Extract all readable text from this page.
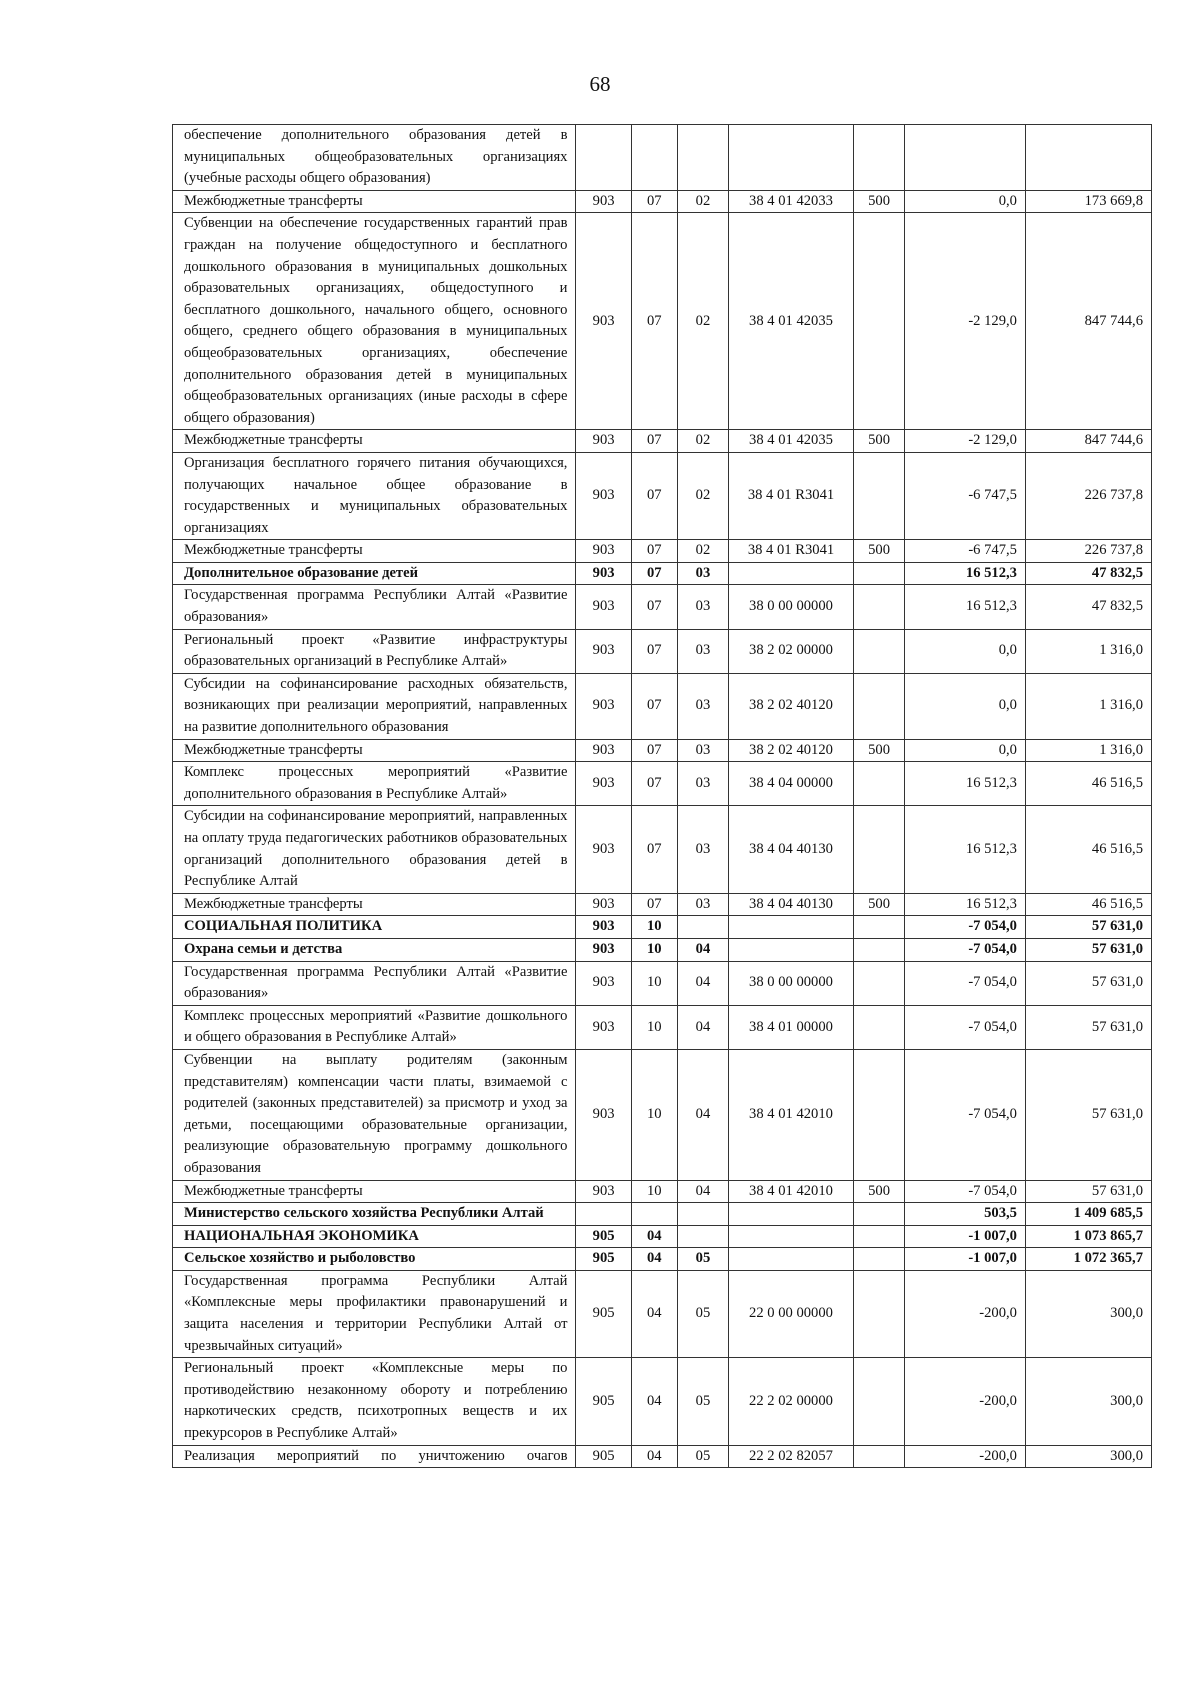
68
обеспечение дополнительного образования детей в муниципальных общеобразовательных организациях (учебные расходы общего образования)							
Межбюджетные трансферты	903	07	02	38 4 01 42033	500	0,0	173 669,8
Субвенции на обеспечение государственных гарантий прав граждан на получение общедоступного и бесплатного дошкольного образования в муниципальных дошкольных образовательных организациях, общедоступного и бесплатного дошкольного, начального общего, основного общего, среднего общего образования в муниципальных общеобразовательных организациях, обеспечение дополнительного образования детей в муниципальных общеобразовательных организациях (иные расходы в сфере общего образования)	903	07	02	38 4 01 42035		-2 129,0	847 744,6
Межбюджетные трансферты	903	07	02	38 4 01 42035	500	-2 129,0	847 744,6
Организация бесплатного горячего питания обучающихся, получающих начальное общее образование в государственных и муниципальных образовательных организациях	903	07	02	38 4 01 R3041		-6 747,5	226 737,8
Межбюджетные трансферты	903	07	02	38 4 01 R3041	500	-6 747,5	226 737,8
Дополнительное образование детей	903	07	03			16 512,3	47 832,5
Государственная программа Республики Алтай «Развитие образования»	903	07	03	38 0 00 00000		16 512,3	47 832,5
Региональный проект «Развитие инфраструктуры образовательных организаций в Республике Алтай»	903	07	03	38 2 02 00000		0,0	1 316,0
Субсидии на софинансирование расходных обязательств, возникающих при реализации мероприятий, направленных на развитие дополнительного образования	903	07	03	38 2 02 40120		0,0	1 316,0
Межбюджетные трансферты	903	07	03	38 2 02 40120	500	0,0	1 316,0
Комплекс процессных мероприятий «Развитие дополнительного образования в Республике Алтай»	903	07	03	38 4 04 00000		16 512,3	46 516,5
Субсидии на софинансирование мероприятий, направленных на оплату труда педагогических работников образовательных организаций дополнительного образования детей в Республике Алтай	903	07	03	38 4 04 40130		16 512,3	46 516,5
Межбюджетные трансферты	903	07	03	38 4 04 40130	500	16 512,3	46 516,5
СОЦИАЛЬНАЯ ПОЛИТИКА	903	10				-7 054,0	57 631,0
Охрана семьи и детства	903	10	04			-7 054,0	57 631,0
Государственная программа Республики Алтай «Развитие образования»	903	10	04	38 0 00 00000		-7 054,0	57 631,0
Комплекс процессных мероприятий «Развитие дошкольного и общего образования в Республике Алтай»	903	10	04	38 4 01 00000		-7 054,0	57 631,0
Субвенции на выплату родителям (законным представителям) компенсации части платы, взимаемой с родителей (законных представителей) за присмотр и уход за детьми, посещающими образовательные организации, реализующие образовательную программу дошкольного образования	903	10	04	38 4 01 42010		-7 054,0	57 631,0
Межбюджетные трансферты	903	10	04	38 4 01 42010	500	-7 054,0	57 631,0
Министерство сельского хозяйства Республики Алтай						503,5	1 409 685,5
НАЦИОНАЛЬНАЯ ЭКОНОМИКА	905	04				-1 007,0	1 073 865,7
Сельское хозяйство и рыболовство	905	04	05			-1 007,0	1 072 365,7
Государственная программа Республики Алтай «Комплексные меры профилактики правонарушений и защита населения и территории Республики Алтай от чрезвычайных ситуаций»	905	04	05	22 0 00 00000		-200,0	300,0
Региональный проект «Комплексные меры по противодействию незаконному обороту и потреблению наркотических средств, психотропных веществ и их прекурсоров в Республике Алтай»	905	04	05	22 2 02 00000		-200,0	300,0
Реализация мероприятий по уничтожению очагов	905	04	05	22 2 02 82057		-200,0	300,0
